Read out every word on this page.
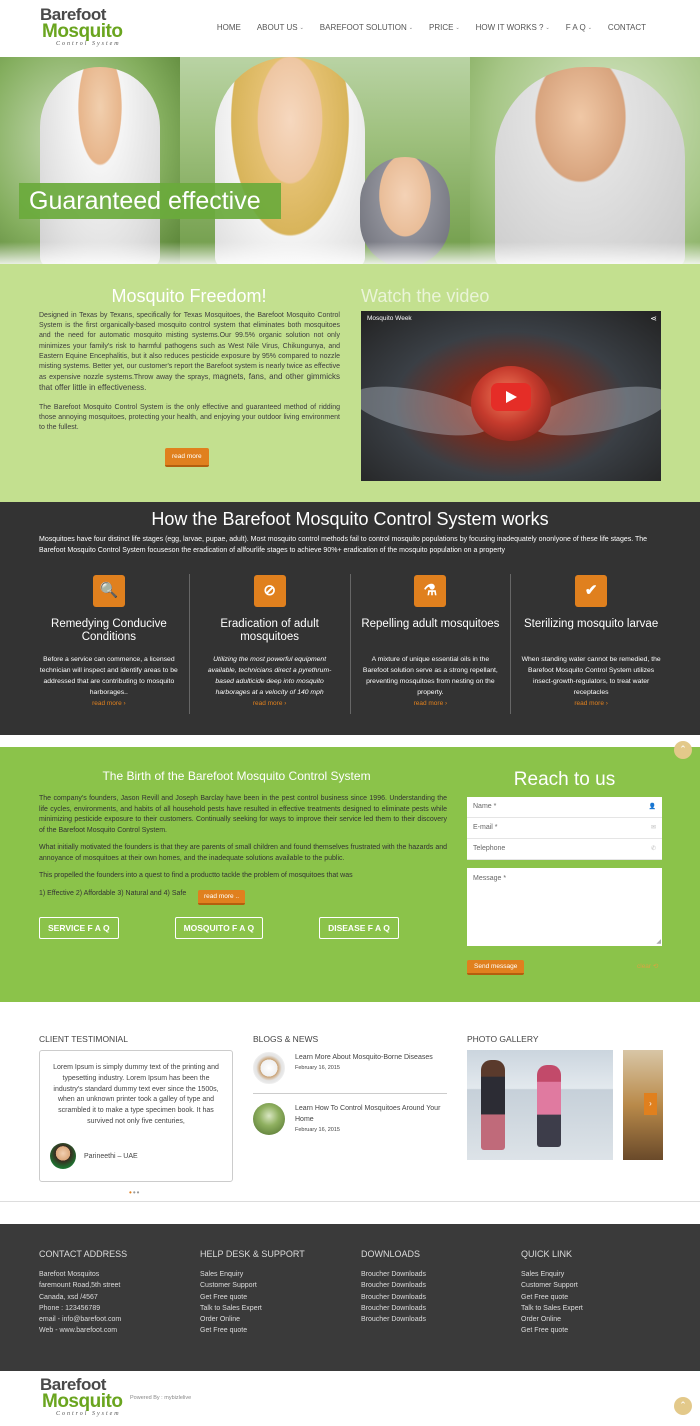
Barefoot
Mosquito
Control System
HOME ABOUT US ⌄ BAREFOOT SOLUTION ⌄ PRICE ⌄ HOW IT WORKS ? ⌄ F A Q ⌄ CONTACT
Guaranteed effective
Mosquito Freedom!

Designed in Texas by Texans, specifically for Texas Mosquitoes, the Barefoot Mosquito Control System is the first organically-based mosquito control system that eliminates both mosquitoes and the need for automatic mosquito misting systems.Our 99.5% organic solution not only minimizes your family's risk to harmful pathogens such as West Nile Virus, Chikungunya, and Eastern Equine Encephalitis, but it also reduces pesticide exposure by 95% compared to nozzle misting systems. Better yet, our customer's report the Barefoot system is nearly twice as effective as expensive nozzle systems.Throw away the sprays, magnets, fans, and other gimmicks that offer little in effectiveness.

The Barefoot Mosquito Control System is the only effective and guaranteed method of ridding those annoying mosquitoes, protecting your health, and enjoying your outdoor living environment to the fullest.

read more
Watch the video
Mosquito Week	⋖
How the Barefoot Mosquito Control System works
Mosquitoes have four distinct life stages (egg, larvae, pupae, adult). Most mosquito control methods fail to control mosquito populations by focusing inadequately ononlyone of these life stages. The Barefoot Mosquito Control System focuseson the eradication of allfourlife stages to achieve 90%+ eradication of the mosquito population on a property
🔍
Remedying Conducive Conditions
Before a service can commence, a licensed technician will inspect and identify areas to be addressed that are contributing to mosquito harborages..
read more ›
⊘
Eradication of adult mosquitoes
Utilizing the most powerful equipment available, technicians direct a pyrethrum-based adulticide deep into mosquito harborages at a velocity of 140 mph
read more ›
⚗
Repelling adult mosquitoes
A mixture of unique essential oils in the Barefoot solution serve as a strong repellant, preventing mosquitoes from nesting on the property.
read more ›
✔
Sterilizing mosquito larvae
When standing water cannot be remedied, the Barefoot Mosquito Control System utilizes insect-growth-regulators, to treat water receptacles
read more ›
⌃
The Birth of the Barefoot Mosquito Control System

The company's founders, Jason Revill and Joseph Barclay have been in the pest control business since 1996. Understanding the life cycles, environments, and habits of all household pests have resulted in effective treatments designed to eliminate pests while minimizing pesticide exposure to their customers. Continually seeking for ways to improve their service led them to their discovery of the Barefoot Mosquito Control System.

What initially motivated the founders is that they are parents of small children and found themselves frustrated with the hazards and annoyance of mosquitoes at their own homes, and the inadequate solutions available to the public.

This propelled the founders into a quest to find a productto tackle the problem of mosquitoes that was

1) Effective 2) Affordable 3) Natural and 4) Safe	read more ..
SERVICE F A Q	MOSQUITO F A Q	DISEASE F A Q
Reach to us
Name *	👤
E-mail *	✉
Telephone	✆
Message *
◢
Send message	clear ⟲
CLIENT TESTIMONIAL
Lorem Ipsum is simply dummy text of the printing and typesetting industry. Lorem Ipsum has been the industry's standard dummy text ever since the 1500s, when an unknown printer took a galley of type and scrambled it to make a type specimen book. It has survived not only five centuries,
Parineethi – UAE
•••
BLOGS & NEWS
Learn More About Mosquito-Borne Diseases
February 16, 2015
Learn How To Control Mosquitoes Around Your Home
February 16, 2015
PHOTO GALLERY
›
CONTACT ADDRESS
Barefoot Mosquitos
faremount Road,5th street
Canada, xsd /4567
Phone : 123456789
email - info@barefoot.com
Web - www.barefoot.com
HELP DESK & SUPPORT
Sales Enquiry
Customer Support
Get Free quote
Talk to Sales Expert
Order Online
Get Free quote
DOWNLOADS
Broucher Downloads
Broucher Downloads
Broucher Downloads
Broucher Downloads
Broucher Downloads
QUICK LINK
Sales Enquiry
Customer Support
Get Free quote
Talk to Sales Expert
Order Online
Get Free quote
Barefoot
Mosquito
Control System
Powered By : mybizlelive
⌃
